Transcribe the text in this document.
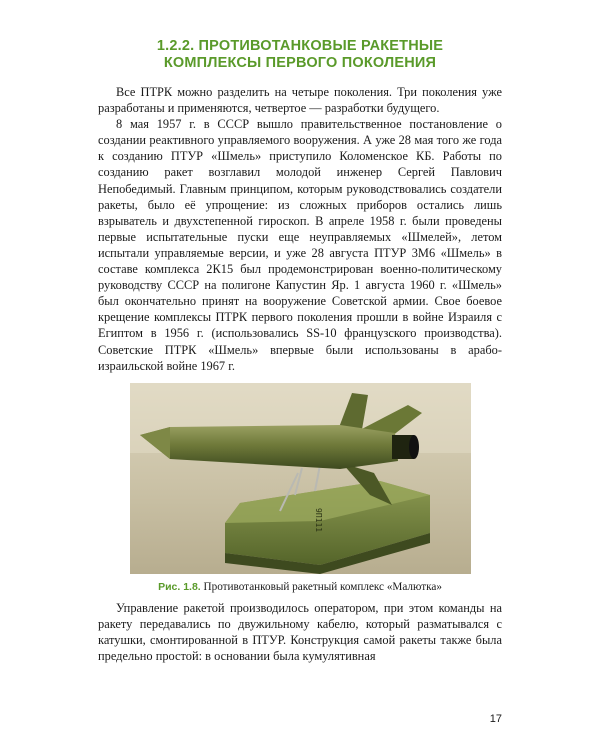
1.2.2. ПРОТИВОТАНКОВЫЕ РАКЕТНЫЕ
КОМПЛЕКСЫ ПЕРВОГО ПОКОЛЕНИЯ

Все ПТРК можно разделить на четыре поколения. Три поколения уже разработаны и применяются, четвертое — разработки будущего.

8 мая 1957 г. в СССР вышло правительственное постановление о создании реактивного управляемого вооружения. А уже 28 мая того же года к созданию ПТУР «Шмель» приступило Коломенское КБ. Работы по созданию ракет возглавил молодой инженер Сергей Павлович Непобедимый. Главным принципом, которым руководствовались создатели ракеты, было её упрощение: из сложных приборов остались лишь взрыватель и двухстепенной гироскоп. В апреле 1958 г. были проведены первые испытательные пуски еще неуправляемых «Шмелей», летом испытали управляемые версии, и уже 28 августа ПТУР 3М6 «Шмель» в составе комплекса 2К15 был продемонстрирован военно-политическому руководству СССР на полигоне Капустин Яр. 1 августа 1960 г. «Шмель» был окончательно принят на вооружение Советской армии. Свое боевое крещение комплексы ПТРК первого поколения прошли в войне Израиля с Египтом в 1956 г. (использовались SS-10 французского производства). Советские ПТРК «Шмель» впервые были использованы в арабо-израильской войне 1967 г.

9П111
Рис. 1.8. Противотанковый ракетный комплекс «Малютка»

Управление ракетой производилось оператором, при этом команды на ракету передавались по двужильному кабелю, который разматывался с катушки, смонтированной в ПТУР. Конструкция самой ракеты также была предельно простой: в основании была кумулятивная

17
